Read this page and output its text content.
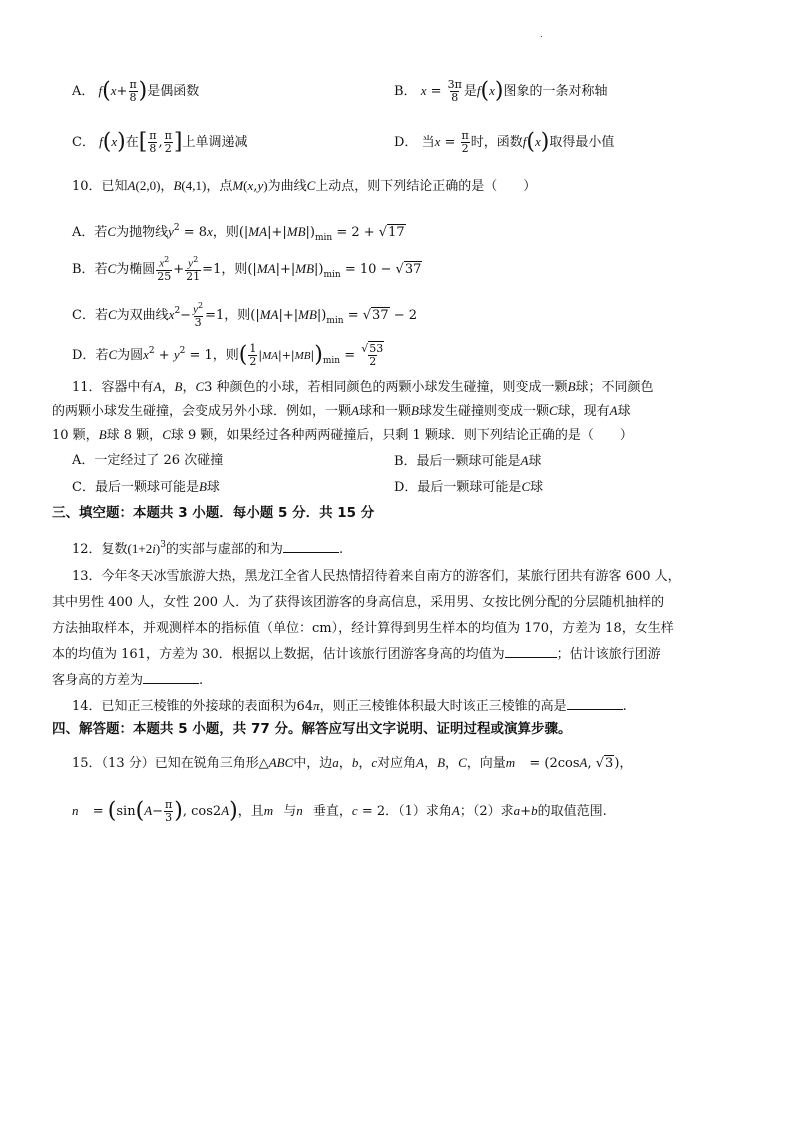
.
A． $f(x+ \frac{\pi}{8}$ )是偶函数	B． $x = \frac{3\pi}{8}$ 是f(x)图象的一条对称轴
C． f(x)在[ $\frac{\pi}{8}$ , $\frac{\pi}{2}$ ]上单调递减	D． 当$x = \frac{\pi}{2}$ 时，函数f(x)取得最小值
10．已知A(2,0)，B(4,1)，点M(x,y)为曲线C上动点，则下列结论正确的是（　　）
A．若C为抛物线$y^2 = 8x$，则$(|MA|+|MB|)_{min} = 2 + √17$
B．若C为椭圆 $\frac{x^2}{25} + \frac{y^2}{21} =1$，则$(|MA|+|MB|)_{min} = 10 - √37$
C．若C为双曲线$x^2- \frac{y^2}{3} =1$，则$(|MA|+|MB|)_{min} = √37 - 2$
D．若C为圆$x^2 + y^2 = 1$，则( $\frac{1}{2} |MA|+|MB|)_{min} = \frac{√53}{2}$
11．容器中有A，B，C3 种颜色的小球，若相同颜色的两颗小球发生碰撞，则变成一颗B球；不同颜色
的两颗小球发生碰撞，会变成另外小球．例如，一颗A球和一颗B球发生碰撞则变成一颗C球，现有A球
10 颗，B球 8 颗，C球 9 颗，如果经过各种两两碰撞后，只剩 1 颗球．则下列结论正确的是（　　）
A．一定经过了 26 次碰撞	B．最后一颗球可能是A球
C．最后一颗球可能是B球	D．最后一颗球可能是C球
三、填空题：本题共 3 小题．每小题 5 分．共 15 分
12．复数$(1+2i)^3$的实部与虚部的和为	.
13．今年冬天冰雪旅游大热，黑龙江全省人民热情招待着来自南方的游客们，某旅行团共有游客 600 人，
其中男性 400 人，女性 200 人．为了获得该团游客的身高信息，采用男、女按比例分配的分层随机抽样的
方法抽取样本，并观测样本的指标值（单位：cm），经计算得到男生样本的均值为 170，方差为 18，女生样
本的均值为 161，方差为 30．根据以上数据，估计该旅行团游客身高的均值为	；估计该旅行团游
客身高的方差为	.
14．已知正三棱锥的外接球的表面积为64π，则正三棱锥体积最大时该正三棱锥的高是	.
四、解答题：本题共 5 小题，共 77 分。解答应写出文字说明、证明过程或演算步骤。
15．（13 分）已知在锐角三角形△ABC中，边a，b，c对应角A，B，C，向量m⃗ = (2cosA, √3)，
n⃗ = ($\sin(A- \frac{\pi}{3}$ ), cos2A)，且m⃗与n⃗垂直，c = 2．（1）求角A；（2）求a+b的取值范围.
